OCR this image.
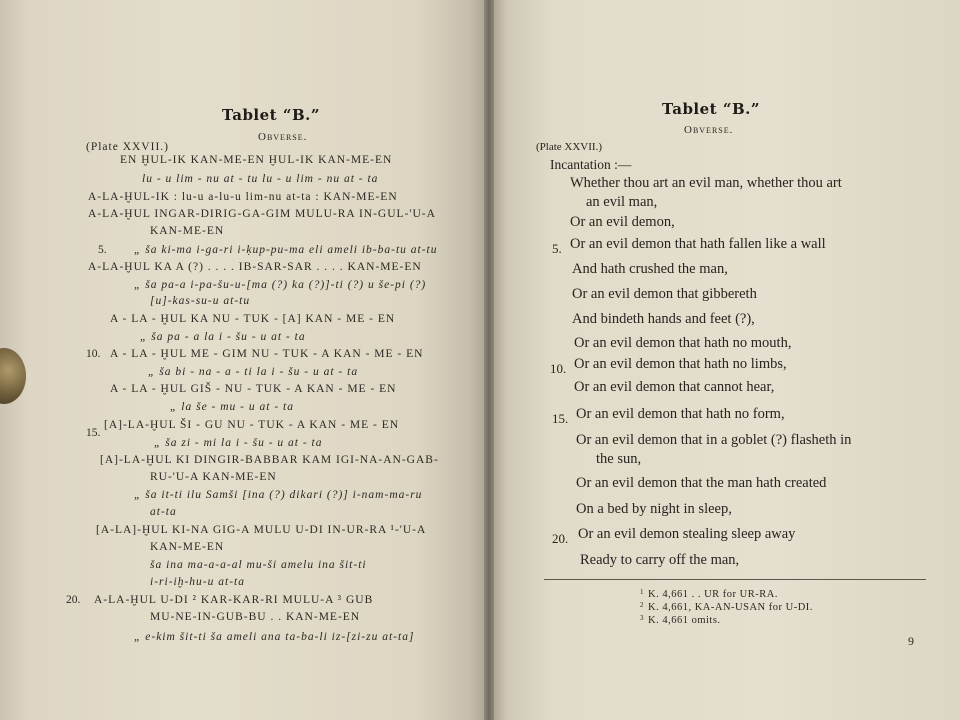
Tablet “B.”
Obverse.
(Plate XXVII.)
EN ḪUL-IK KAN-ME-EN ḪUL-IK KAN-ME-EN
lu - u lim - nu at - tu lu - u lim - nu at - ta
A-LA-ḪUL-IK : lu-u a-lu-u lim-nu at-ta : KAN-ME-EN
A-LA-ḪUL INGAR-DIRIG-GA-GIM MULU-RA IN-GUL-'U-A
KAN-ME-EN
„ ša ki-ma i-ga-ri i-ḳup-pu-ma eli ameli ib-ba-tu at-tu
A-LA-ḪUL KA A (?) . . . . IB-SAR-SAR . . . . KAN-ME-EN
„ ša pa-a i-pa-šu-u-[ma (?) ka (?)]-ti (?) u še-pi (?)
[u]-kas-su-u at-tu
A - LA - ḪUL KA NU - TUK - [A] KAN - ME - EN
„ ša pa - a la i - šu - u at - ta
A - LA - ḪUL ME - GIM NU - TUK - A KAN - ME - EN
„ ša bi - na - a - ti la i - šu - u at - ta
A - LA - ḪUL GIŠ - NU - TUK - A KAN - ME - EN
„ la še - mu - u at - ta
[A]-LA-ḪUL ŠI - GU NU - TUK - A KAN - ME - EN
„ ša zi - mi la i - šu - u at - ta
[A]-LA-ḪUL KI DINGIR-BABBAR KAM IGI-NA-AN-GAB-
RU-'U-A KAN-ME-EN
„ ša it-ti ilu Samši [ina (?) dikari (?)] i-nam-ma-ru
at-ta
[A-LA]-ḪUL KI-NA GIG-A MULU U-DI IN-UR-RA ¹-'U-A
KAN-ME-EN
ša ina ma-a-a-al mu-ši amelu ina šit-ti
i-ri-iḫ-hu-u at-ta
A-LA-ḪUL U-DI ² KAR-KAR-RI MULU-A ³ GUB
MU-NE-IN-GUB-BU . . KAN-ME-EN
„ e-kim šit-ti ša ameli ana ta-ba-li iz-[zi-zu at-ta]
5.
10.
15.
20.
Tablet “B.”
Obverse.
(Plate XXVII.)
Incantation :—
Whether thou art an evil man, whether thou art
an evil man,
Or an evil demon,
Or an evil demon that hath fallen like a wall
And hath crushed the man,
Or an evil demon that gibbereth
And bindeth hands and feet (?),
Or an evil demon that hath no mouth,
Or an evil demon that hath no limbs,
Or an evil demon that cannot hear,
Or an evil demon that hath no form,
Or an evil demon that in a goblet (?) flasheth in
the sun,
Or an evil demon that the man hath created
On a bed by night in sleep,
Or an evil demon stealing sleep away
Ready to carry off the man,
5.
10.
15.
20.
1 K. 4,661 . . UR for UR-RA.
2 K. 4,661, KA-AN-USAN for U-DI.
3 K. 4,661 omits.
9
